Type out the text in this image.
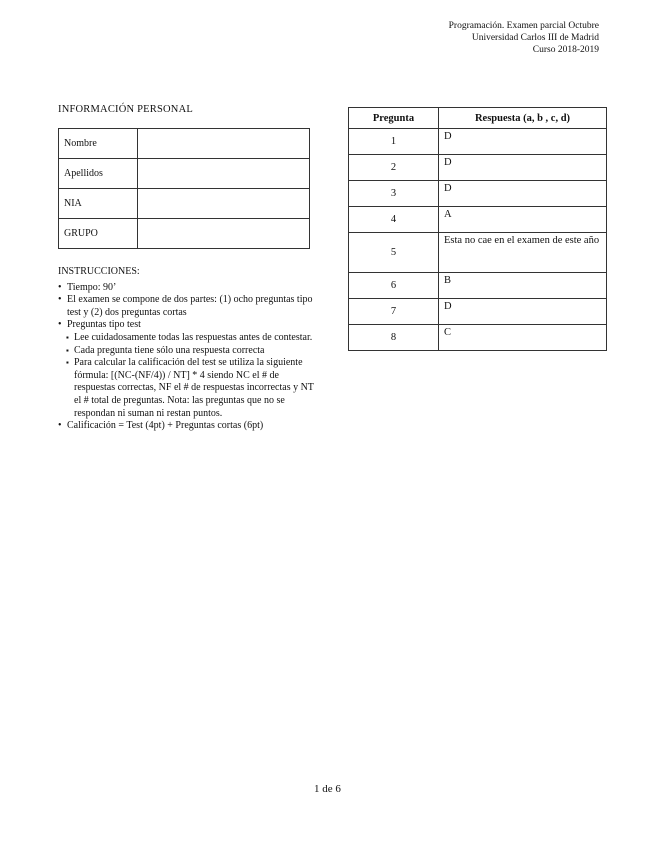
Programación. Examen parcial Octubre
Universidad Carlos III de Madrid
Curso 2018-2019
INFORMACIÓN PERSONAL
Nombre	
Apellidos	
NIA	
GRUPO	
INSTRUCCIONES:
• Tiempo: 90’
• El examen se compone de dos partes: (1) ocho preguntas tipo test y (2) dos preguntas cortas
• Preguntas tipo test
▪ Lee cuidadosamente todas las respuestas antes de contestar.
▪ Cada pregunta tiene sólo una respuesta correcta
▪ Para calcular la calificación del test se utiliza la siguiente fórmula: [(NC-(NF/4)) / NT] * 4 siendo NC el # de respuestas correctas, NF el # de respuestas incorrectas y NT el # total de preguntas. Nota: las preguntas que no se respondan ni suman ni restan puntos.
• Calificación = Test (4pt) + Preguntas cortas (6pt)
Pregunta	Respuesta (a, b , c, d)
1	D
2	D
3	D
4	A
5	Esta no cae en el examen de este año
6	B
7	D
8	C
1 de 6
